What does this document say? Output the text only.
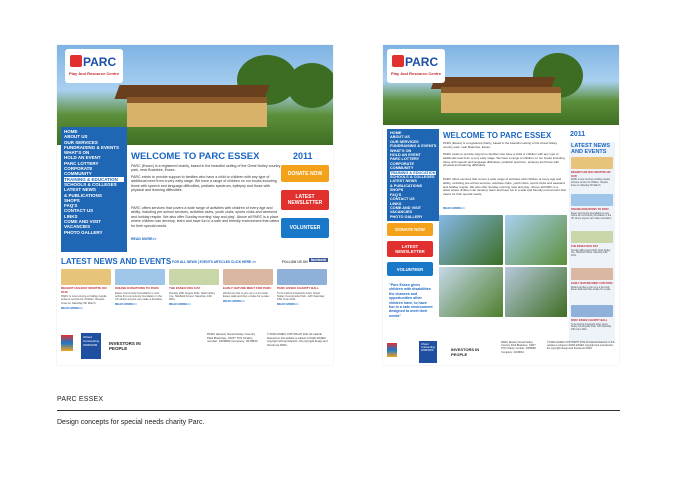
PARC
Play And Resource Centre
HOME
ABOUT US
OUR SERVICES
FUNDRAISING & EVENTS
WHAT'S ON
HOLD AN EVENT
PARC LOTTERY
CORPORATE
COMMUNITY
TRAINING & EDUCATION
SCHOOLS & COLLEGES
LATEST NEWS
& PUBLICATIONS
SHOPS
FAQ'S
CONTACT US
LINKS
COME AND VISIT
VACANCIES
PHOTO GALLERY
WELCOME TO PARC ESSEX	2011
PARC (Essex) is a registered charity, based in the beautiful setting of the Great Notley country park, near Braintree, Essex.
PARC exists to provide support to families who have a child or children with any type of additional need from a very early stage. We have a range of children on our books including those with speech and language difficulties, pediatric spectrum, epilepsy and those with physical and learning difficulties.
PARC offers services that covers a wide range of activities with children of every age and ability, including pre-school services, activities clubs, youth clubs, sports clubs and weekend and holiday respite. We also offer Sunday morning 'stay and play'. Above all PARC is a place where children can develop, learn and have fun in a safe and friendly environment that caters for their special needs.
READ MORE>>
DONATE NOW
LATEST NEWSLETTER
VOLUNTEER
LATEST NEWS AND EVENTS FOR ALL NEWS | EVENTS ARTICLES CLICK HERE >>	FOLLOW US ON facebook
REGENT HOLIDAY RESPITE ON OUR
PARC is now running a holiday respite scheme service for children. Respite times on Saturday 5th March.
READ MORE>>
ONLINE DONATIONS TO PARC
Essex Community Foundation is now online thru community foundation in the UK where anyone can make a donation.
READ MORE>>
THE ESSEX DOG DAY
Sunday 29th August 2011. Dark Notley Cre, Sheffield Forest. Saturday 14th 2011.
READ MORE>>
EARLY NATURE MEET FOR PARC
Would you like to join us in a fun local Essex walk and then a bake for a cake.
READ MORE>>
PARC ESSEX CHARITY BALL
To be held at Freeland's Fast, Great Notley Countryside Park. 12th Saturday 18th June 2011.
READ MORE>>
Ofsted Outstanding 2008/2009	INVESTORS IN PEOPLE
PARC (Essex) Great Notley Country Park Braintree, CM77 7FS Charity number: 1056684 Company: 3210844
© PARC ESSEX COPYRIGHT 2011 All material featured on this website is subject to PARC ESSEX copyright and reproduction, the copyright design and friends are PARC.
PARC
Play And Resource Centre
HOME
ABOUT US
OUR SERVICES
FUNDRAISING & EVENTS
WHAT'S ON
HOLD AN EVENT
PARC LOTTERY
CORPORATE
COMMUNITY
TRAINING & EDUCATION
SCHOOLS & COLLEGES
LATEST NEWS
& PUBLICATIONS
SHOPS
FAQ'S
CONTACT US
LINKS
COME AND VISIT
VACANCIES
PHOTO GALLERY
WELCOME TO PARC ESSEX	2011
PARC (Essex) is a registered charity, based in the beautiful setting of the Great Notley country park, near Braintree, Essex.
PARC exists to provide support to families who have a child or children with any type of additional need from a very early stage. We have a range of children on our books including those with speech and language difficulties, pediatric spectrum, epilepsy and those with physical and learning difficulties.
PARC offers services that covers a wide range of activities with children of every age and ability, including pre-school services, activities clubs, youth clubs, sports clubs and weekend and holiday respite. We also offer Sunday morning 'stay and play'. Above all PARC is a place where children can develop, learn and have fun in a safe and friendly environment that caters for their special needs.
READ MORE>>
LATEST NEWS AND EVENTS
REGENT HOLIDAY RESPITE ON OUR
PARC is now running a holiday respite scheme service for children. Respite times on Saturday 5th March.
ONLINE DONATIONS TO PARC
Essex Community Foundation is now online thru community foundation in the UK where anyone can make a donation.
THE ESSEX DOG DAY
Sunday 29th August 2011. Dark Notley Cre, Sheffield Forest. Saturday 14th 2011.
EARLY NATURE MEET FOR PARC
Would you like to join us in a fun local Essex walk and then a bake for a cake.
PARC ESSEX CHARITY BALL
To be held at Freeland's Fast, Great Notley Countryside Park. 12th Saturday 18th June 2011.
DONATE NOW
LATEST NEWSLETTER
VOLUNTEER
"Parc Essex gives children with disabilities the chances and opportunities other children have, to have fun in a safe environment designed to meet their needs"
Ofsted Outstanding 2008/2009	INVESTORS IN PEOPLE
PARC (Essex) Great Notley Country Park Braintree, CM77 7FS Charity number: 1056684 Company: 3210844
© PARC ESSEX COPYRIGHT 2011 All material featured on this website is subject to PARC ESSEX copyright and reproduction, the copyright design and friends are PARC.
PARC ESSEX
Design concepts for special needs charity Parc.
